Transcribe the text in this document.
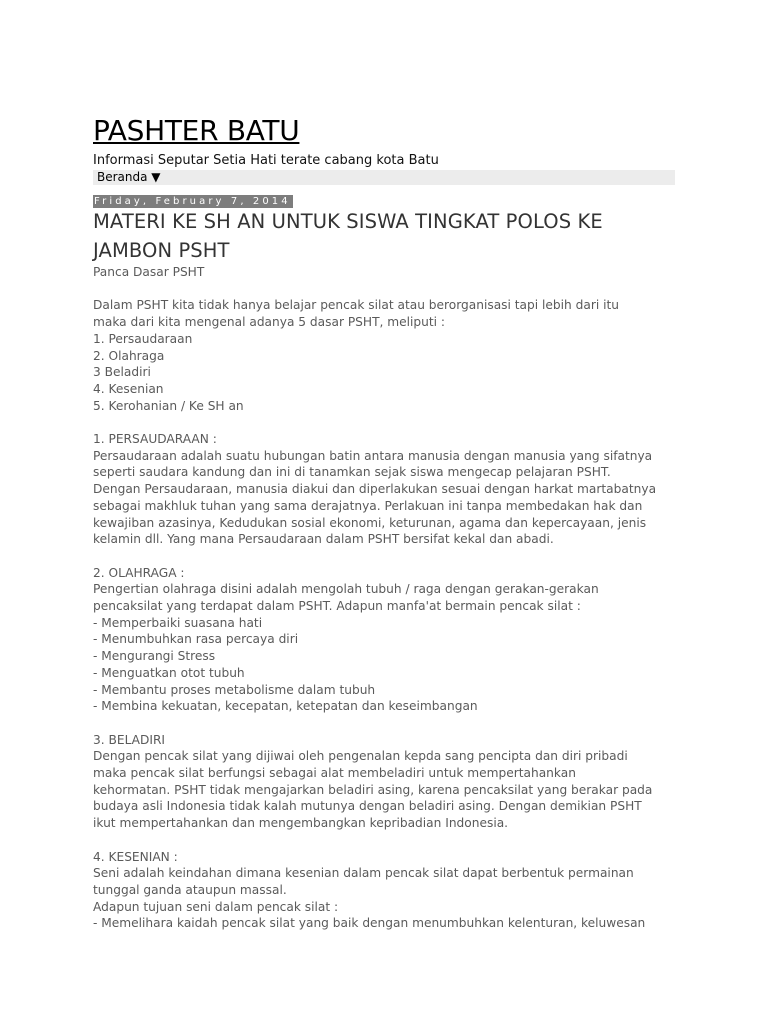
PASHTER BATU
Informasi Seputar Setia Hati terate cabang kota Batu
Beranda ▼
Friday, February 7, 2014
MATERI KE SH AN UNTUK SISWA TINGKAT POLOS KE JAMBON PSHT
Panca Dasar PSHT
Dalam PSHT kita tidak hanya belajar pencak silat atau berorganisasi tapi lebih dari itu
maka dari kita mengenal adanya 5 dasar PSHT, meliputi :
1. Persaudaraan
2. Olahraga
3 Beladiri
4. Kesenian
5. Kerohanian / Ke SH an
1. PERSAUDARAAN :
Persaudaraan adalah suatu hubungan batin antara manusia dengan manusia yang sifatnya
seperti saudara kandung dan ini di tanamkan sejak siswa mengecap pelajaran PSHT.
Dengan Persaudaraan, manusia diakui dan diperlakukan sesuai dengan harkat martabatnya
sebagai makhluk tuhan yang sama derajatnya. Perlakuan ini tanpa membedakan hak dan
kewajiban azasinya, Kedudukan sosial ekonomi, keturunan, agama dan kepercayaan, jenis
kelamin dll. Yang mana Persaudaraan dalam PSHT bersifat kekal dan abadi.
2. OLAHRAGA :
Pengertian olahraga disini adalah mengolah tubuh / raga dengan gerakan-gerakan
pencaksilat yang terdapat dalam PSHT. Adapun manfa'at bermain pencak silat :
- Memperbaiki suasana hati
- Menumbuhkan rasa percaya diri
- Mengurangi Stress
- Menguatkan otot tubuh
- Membantu proses metabolisme dalam tubuh
- Membina kekuatan, kecepatan, ketepatan dan keseimbangan
3. BELADIRI
Dengan pencak silat yang dijiwai oleh pengenalan kepda sang pencipta dan diri pribadi
maka pencak silat berfungsi sebagai alat membeladiri untuk mempertahankan
kehormatan. PSHT tidak mengajarkan beladiri asing, karena pencaksilat yang berakar pada
budaya asli Indonesia tidak kalah mutunya dengan beladiri asing. Dengan demikian PSHT
ikut mempertahankan dan mengembangkan kepribadian Indonesia.
4. KESENIAN :
Seni adalah keindahan dimana kesenian dalam pencak silat dapat berbentuk permainan
tunggal ganda ataupun massal.
Adapun tujuan seni dalam pencak silat :
- Memelihara kaidah pencak silat yang baik dengan menumbuhkan kelenturan, keluwesan
